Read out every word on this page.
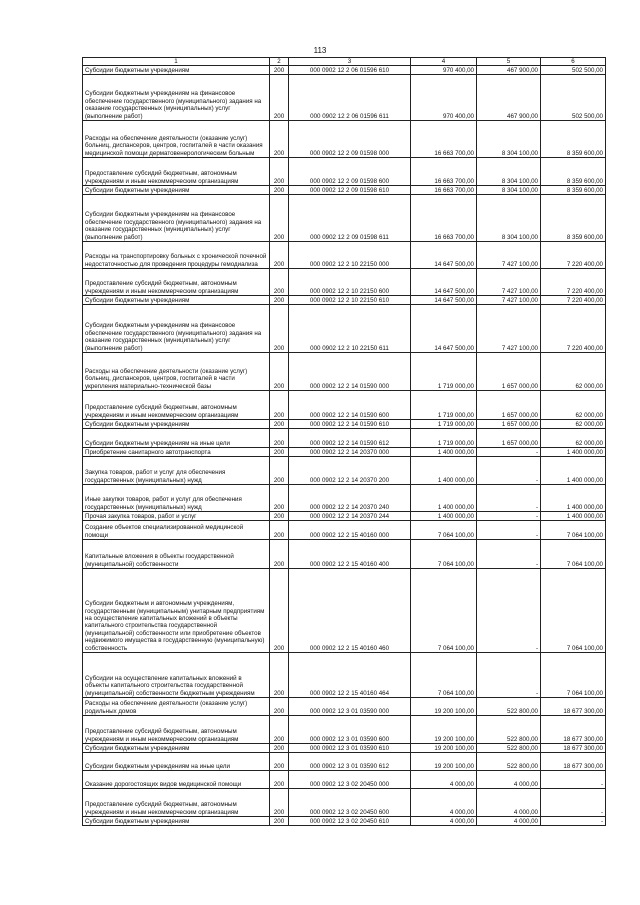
113
1	2	3	4	5	6
Субсидии бюджетным учреждениям	200	000 0902 12 2 06 01596 610	970 400,00	467 900,00	502 500,00
Субсидии бюджетным учреждениям на финансовое обеспечение государственного (муниципального) задания на оказание государственных (муниципальных) услуг (выполнение работ)	200	000 0902 12 2 06 01596 611	970 400,00	467 900,00	502 500,00
Расходы на обеспечение деятельности (оказание услуг) больниц, диспансеров, центров, госпиталей в части оказания медицинской помощи дерматовенерологическим больным	200	000 0902 12 2 09 01598 000	16 663 700,00	8 304 100,00	8 359 600,00
Предоставление субсидий бюджетным, автономным учреждениям и иным некоммерческим организациям	200	000 0902 12 2 09 01598 600	16 663 700,00	8 304 100,00	8 359 600,00
Субсидии бюджетным учреждениям	200	000 0902 12 2 09 01598 610	16 663 700,00	8 304 100,00	8 359 600,00
Субсидии бюджетным учреждениям на финансовое обеспечение государственного (муниципального) задания на оказание государственных (муниципальных) услуг (выполнение работ)	200	000 0902 12 2 09 01598 611	16 663 700,00	8 304 100,00	8 359 600,00
Расходы на транспортировку больных с хронической почечной недостаточностью для проведения процедуры гемодиализа	200	000 0902 12 2 10 22150 000	14 647 500,00	7 427 100,00	7 220 400,00
Предоставление субсидий бюджетным, автономным учреждениям и иным некоммерческим организациям	200	000 0902 12 2 10 22150 600	14 647 500,00	7 427 100,00	7 220 400,00
Субсидии бюджетным учреждениям	200	000 0902 12 2 10 22150 610	14 647 500,00	7 427 100,00	7 220 400,00
Субсидии бюджетным учреждениям на финансовое обеспечение государственного (муниципального) задания на оказание государственных (муниципальных) услуг (выполнение работ)	200	000 0902 12 2 10 22150 611	14 647 500,00	7 427 100,00	7 220 400,00
Расходы на обеспечение деятельности (оказание услуг) больниц, диспансеров, центров, госпиталей в части укрепления материально-технической базы	200	000 0902 12 2 14 01590 000	1 719 000,00	1 657 000,00	62 000,00
Предоставление субсидий бюджетным, автономным учреждениям и иным некоммерческим организациям	200	000 0902 12 2 14 01590 600	1 719 000,00	1 657 000,00	62 000,00
Субсидии бюджетным учреждениям	200	000 0902 12 2 14 01590 610	1 719 000,00	1 657 000,00	62 000,00
Субсидии бюджетным учреждениям на иные цели	200	000 0902 12 2 14 01590 612	1 719 000,00	1 657 000,00	62 000,00
Приобретение санитарного автотранспорта	200	000 0902 12 2 14 20370 000	1 400 000,00	-	1 400 000,00
Закупка товаров, работ и услуг для обеспечения государственных (муниципальных) нужд	200	000 0902 12 2 14 20370 200	1 400 000,00	-	1 400 000,00
Иные закупки товаров, работ и услуг для обеспечения государственных (муниципальных) нужд	200	000 0902 12 2 14 20370 240	1 400 000,00	-	1 400 000,00
Прочая закупка товаров, работ и услуг	200	000 0902 12 2 14 20370 244	1 400 000,00	-	1 400 000,00
Создание объектов специализированной медицинской помощи	200	000 0902 12 2 15 40160 000	7 064 100,00	-	7 064 100,00
Капитальные вложения в объекты государственной (муниципальной) собственности	200	000 0902 12 2 15 40160 400	7 064 100,00	-	7 064 100,00
Субсидии бюджетным и автономным учреждениям, государственным (муниципальным) унитарным предприятиям на осуществление капитальных вложений в объекты капитального строительства государственной (муниципальной) собственности или приобретение объектов недвижимого имущества в государственную (муниципальную) собственность	200	000 0902 12 2 15 40160 460	7 064 100,00	-	7 064 100,00
Субсидии на осуществление капитальных вложений в объекты капитального строительства государственной (муниципальной) собственности бюджетным учреждениям	200	000 0902 12 2 15 40160 464	7 064 100,00	-	7 064 100,00
Расходы на обеспечение деятельности (оказание услуг) родильных домов	200	000 0902 12 3 01 03590 000	19 200 100,00	522 800,00	18 677 300,00
Предоставление субсидий бюджетным, автономным учреждениям и иным некоммерческим организациям	200	000 0902 12 3 01 03590 600	19 200 100,00	522 800,00	18 677 300,00
Субсидии бюджетным учреждениям	200	000 0902 12 3 01 03590 610	19 200 100,00	522 800,00	18 677 300,00
Субсидии бюджетным учреждениям на иные цели	200	000 0902 12 3 01 03590 612	19 200 100,00	522 800,00	18 677 300,00
Оказание дорогостоящих видов медицинской помощи	200	000 0902 12 3 02 20450 000	4 000,00	4 000,00	-
Предоставление субсидий бюджетным, автономным учреждениям и иным некоммерческим организациям	200	000 0902 12 3 02 20450 600	4 000,00	4 000,00	-
Субсидии бюджетным учреждениям	200	000 0902 12 3 02 20450 610	4 000,00	4 000,00	-
